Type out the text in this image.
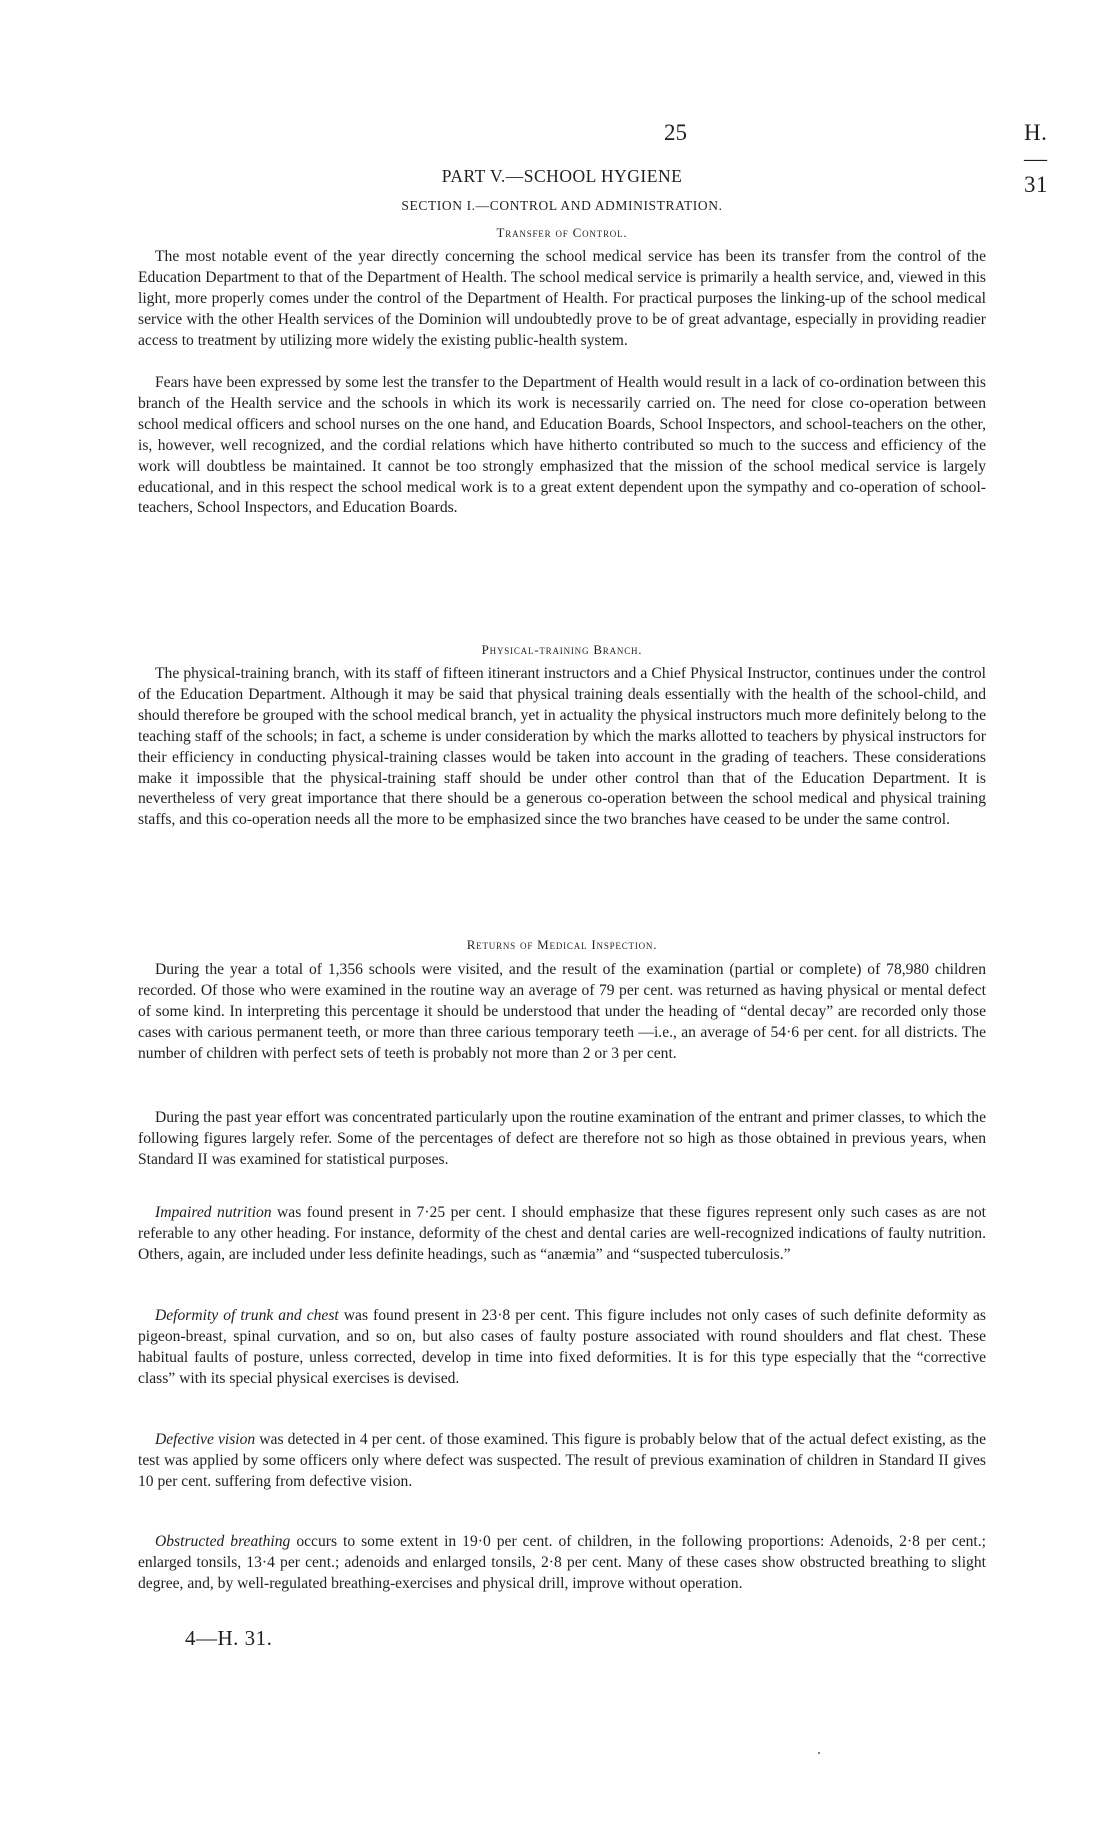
25	H.—31
PART V.—SCHOOL HYGIENE
SECTION I.—CONTROL AND ADMINISTRATION.
Transfer of Control.

The most notable event of the year directly concerning the school medical service has been its transfer from the control of the Education Department to that of the Department of Health. The school medical service is primarily a health service, and, viewed in this light, more properly comes under the control of the Department of Health. For practical purposes the linking-up of the school medical service with the other Health services of the Dominion will undoubtedly prove to be of great advantage, especially in providing readier access to treatment by utilizing more widely the existing public-health system.

Fears have been expressed by some lest the transfer to the Department of Health would result in a lack of co-ordination between this branch of the Health service and the schools in which its work is necessarily carried on. The need for close co-operation between school medical officers and school nurses on the one hand, and Education Boards, School Inspectors, and school-teachers on the other, is, however, well recognized, and the cordial relations which have hitherto contributed so much to the success and efficiency of the work will doubtless be maintained. It cannot be too strongly emphasized that the mission of the school medical service is largely educational, and in this respect the school medical work is to a great extent dependent upon the sympathy and co-operation of school-teachers, School Inspectors, and Education Boards.

Physical-training Branch.

The physical-training branch, with its staff of fifteen itinerant instructors and a Chief Physical Instructor, continues under the control of the Education Department. Although it may be said that physical training deals essentially with the health of the school-child, and should therefore be grouped with the school medical branch, yet in actuality the physical instructors much more definitely belong to the teaching staff of the schools; in fact, a scheme is under consideration by which the marks allotted to teachers by physical instructors for their efficiency in conducting physical-training classes would be taken into account in the grading of teachers. These considerations make it impossible that the physical-training staff should be under other control than that of the Education Department. It is nevertheless of very great importance that there should be a generous co-operation between the school medical and physical training staffs, and this co-operation needs all the more to be emphasized since the two branches have ceased to be under the same control.

Returns of Medical Inspection.

During the year a total of 1,356 schools were visited, and the result of the examination (partial or complete) of 78,980 children recorded. Of those who were examined in the routine way an average of 79 per cent. was returned as having physical or mental defect of some kind. In interpreting this percentage it should be understood that under the heading of “dental decay” are recorded only those cases with carious permanent teeth, or more than three carious temporary teeth —i.e., an average of 54·6 per cent. for all districts. The number of children with perfect sets of teeth is probably not more than 2 or 3 per cent.

During the past year effort was concentrated particularly upon the routine examination of the entrant and primer classes, to which the following figures largely refer. Some of the percentages of defect are therefore not so high as those obtained in previous years, when Standard II was examined for statistical purposes.

Impaired nutrition was found present in 7·25 per cent. I should emphasize that these figures represent only such cases as are not referable to any other heading. For instance, deformity of the chest and dental caries are well-recognized indications of faulty nutrition. Others, again, are included under less definite headings, such as “anæmia” and “suspected tuberculosis.”

Deformity of trunk and chest was found present in 23·8 per cent. This figure includes not only cases of such definite deformity as pigeon-breast, spinal curvation, and so on, but also cases of faulty posture associated with round shoulders and flat chest. These habitual faults of posture, unless corrected, develop in time into fixed deformities. It is for this type especially that the “corrective class” with its special physical exercises is devised.

Defective vision was detected in 4 per cent. of those examined. This figure is probably below that of the actual defect existing, as the test was applied by some officers only where defect was suspected. The result of previous examination of children in Standard II gives 10 per cent. suffering from defective vision.

Obstructed breathing occurs to some extent in 19·0 per cent. of children, in the following proportions: Adenoids, 2·8 per cent.; enlarged tonsils, 13·4 per cent.; adenoids and enlarged tonsils, 2·8 per cent. Many of these cases show obstructed breathing to slight degree, and, by well-regulated breathing-exercises and physical drill, improve without operation.

4—H. 31.
